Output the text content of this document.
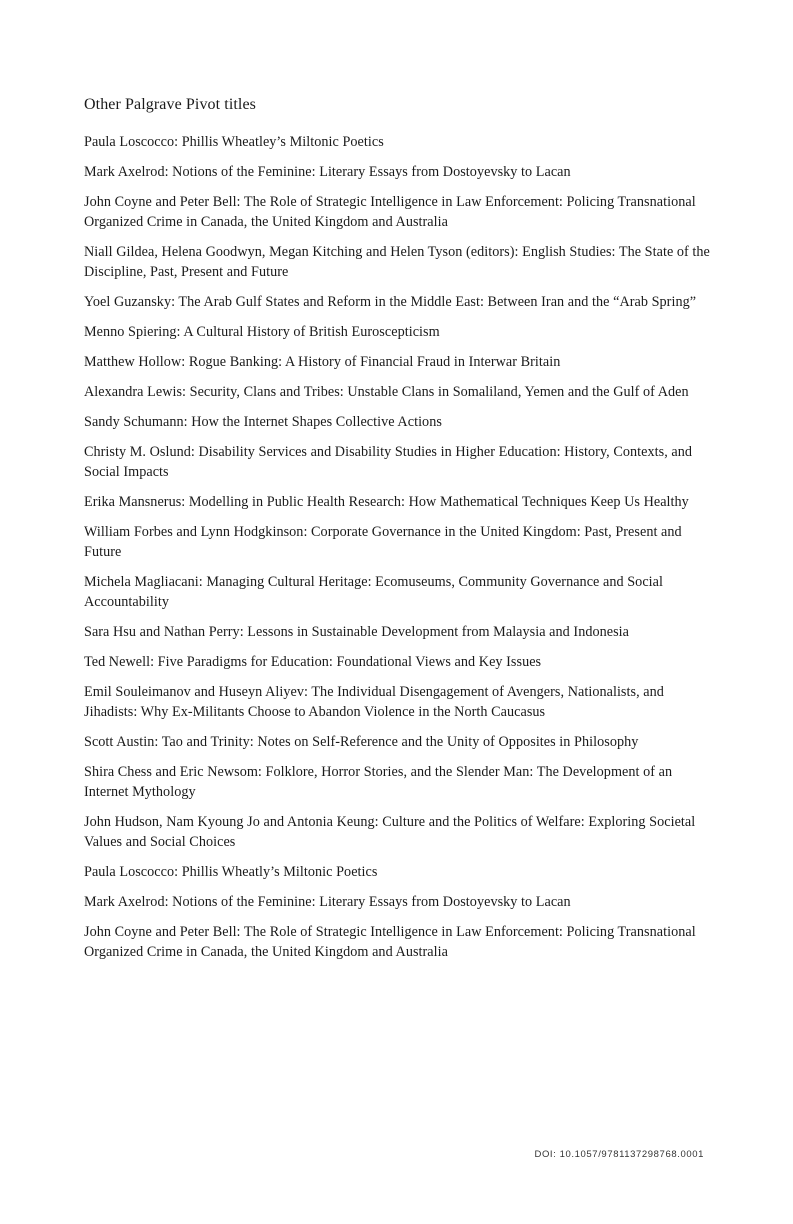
Other Palgrave Pivot titles
Paula Loscocco: Phillis Wheatley’s Miltonic Poetics
Mark Axelrod: Notions of the Feminine: Literary Essays from Dostoyevsky to Lacan
John Coyne and Peter Bell: The Role of Strategic Intelligence in Law Enforcement: Policing Transnational Organized Crime in Canada, the United Kingdom and Australia
Niall Gildea, Helena Goodwyn, Megan Kitching and Helen Tyson (editors): English Studies: The State of the Discipline, Past, Present and Future
Yoel Guzansky: The Arab Gulf States and Reform in the Middle East: Between Iran and the “Arab Spring”
Menno Spiering: A Cultural History of British Euroscepticism
Matthew Hollow: Rogue Banking: A History of Financial Fraud in Interwar Britain
Alexandra Lewis: Security, Clans and Tribes: Unstable Clans in Somaliland, Yemen and the Gulf of Aden
Sandy Schumann: How the Internet Shapes Collective Actions
Christy M. Oslund: Disability Services and Disability Studies in Higher Education: History, Contexts, and Social Impacts
Erika Mansnerus: Modelling in Public Health Research: How Mathematical Techniques Keep Us Healthy
William Forbes and Lynn Hodgkinson: Corporate Governance in the United Kingdom: Past, Present and Future
Michela Magliacani: Managing Cultural Heritage: Ecomuseums, Community Governance and Social Accountability
Sara Hsu and Nathan Perry: Lessons in Sustainable Development from Malaysia and Indonesia
Ted Newell: Five Paradigms for Education: Foundational Views and Key Issues
Emil Souleimanov and Huseyn Aliyev: The Individual Disengagement of Avengers, Nationalists, and Jihadists: Why Ex-Militants Choose to Abandon Violence in the North Caucasus
Scott Austin: Tao and Trinity: Notes on Self-Reference and the Unity of Opposites in Philosophy
Shira Chess and Eric Newsom: Folklore, Horror Stories, and the Slender Man: The Development of an Internet Mythology
John Hudson, Nam Kyoung Jo and Antonia Keung: Culture and the Politics of Welfare: Exploring Societal Values and Social Choices
Paula Loscocco: Phillis Wheatly’s Miltonic Poetics
Mark Axelrod: Notions of the Feminine: Literary Essays from Dostoyevsky to Lacan
John Coyne and Peter Bell: The Role of Strategic Intelligence in Law Enforcement: Policing Transnational Organized Crime in Canada, the United Kingdom and Australia
DOI: 10.1057/9781137298768.0001
